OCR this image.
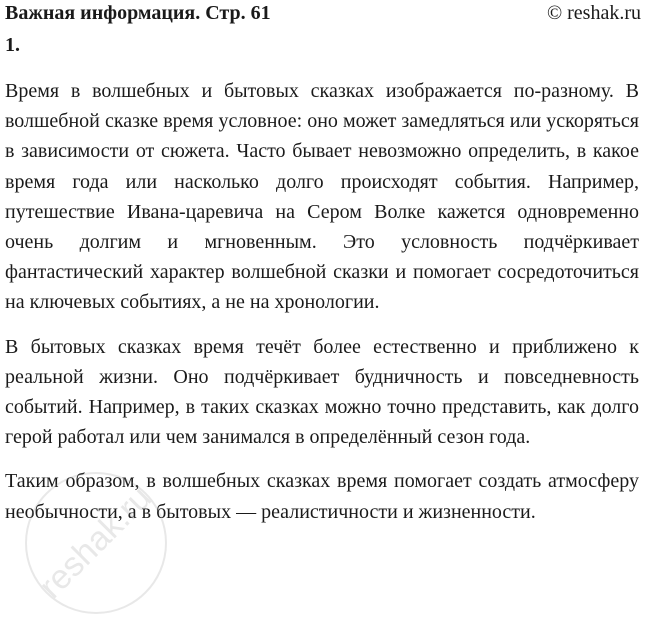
Важная информация. Стр. 61	© reshak.ru
1.

Время в волшебных и бытовых сказках изображается по-разному. В волшебной сказке время условное: оно может замедляться или ускоряться в зависимости от сюжета. Часто бывает невозможно определить, в какое время года или насколько долго происходят события. Например, путешествие Ивана-царевича на Сером Волке кажется одновременно очень долгим и мгновенным. Это условность подчёркивает фантастический характер волшебной сказки и помогает сосредоточиться на ключевых событиях, а не на хронологии.

В бытовых сказках время течёт более естественно и приближено к реальной жизни. Оно подчёркивает будничность и повседневность событий. Например, в таких сказках можно точно представить, как долго герой работал или чем занимался в определённый сезон года.

Таким образом, в волшебных сказках время помогает создать атмосферу необычности, а в бытовых — реалистичности и жизненности.

reshak.ru
